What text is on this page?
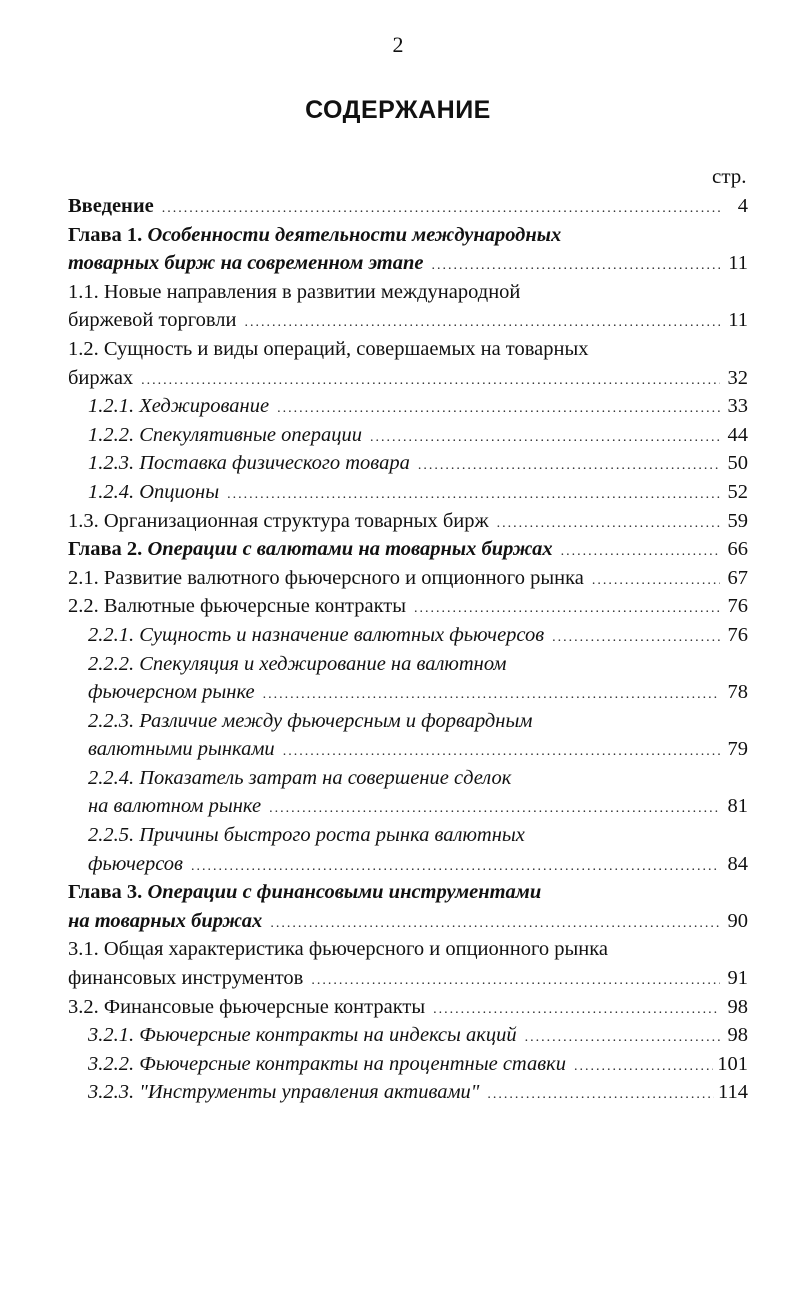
2
СОДЕРЖАНИЕ
стр.
Введение .....	4
Глава 1. Особенности деятельности международных
товарных бирж на современном этапе .....	11
1.1. Новые направления в развитии международной
биржевой торговли .....	11
1.2. Сущность и виды операций, совершаемых на товарных
биржах .....	32
1.2.1. Хеджирование .....	33
1.2.2. Спекулятивные операции .....	44
1.2.3. Поставка физического товара .....	50
1.2.4. Опционы .....	52
1.3. Организационная структура товарных бирж .....	59
Глава 2. Операции с валютами на товарных биржах .....	66
2.1. Развитие валютного фьючерсного и опционного рынка .....	67
2.2. Валютные фьючерсные контракты .....	76
2.2.1. Сущность и назначение валютных фьючерсов .....	76
2.2.2. Спекуляция и хеджирование на валютном
фьючерсном рынке .....	78
2.2.3. Различие между фьючерсным и форвардным
валютными рынками .....	79
2.2.4. Показатель затрат на совершение сделок
на валютном рынке .....	81
2.2.5. Причины быстрого роста рынка валютных
фьючерсов .....	84
Глава 3. Операции с финансовыми инструментами
на товарных биржах .....	90
3.1. Общая характеристика фьючерсного и опционного рынка
финансовых инструментов .....	91
3.2. Финансовые фьючерсные контракты .....	98
3.2.1. Фьючерсные контракты на индексы акций .....	98
3.2.2. Фьючерсные контракты на процентные ставки .....	101
3.2.3. "Инструменты управления активами" .....	114
